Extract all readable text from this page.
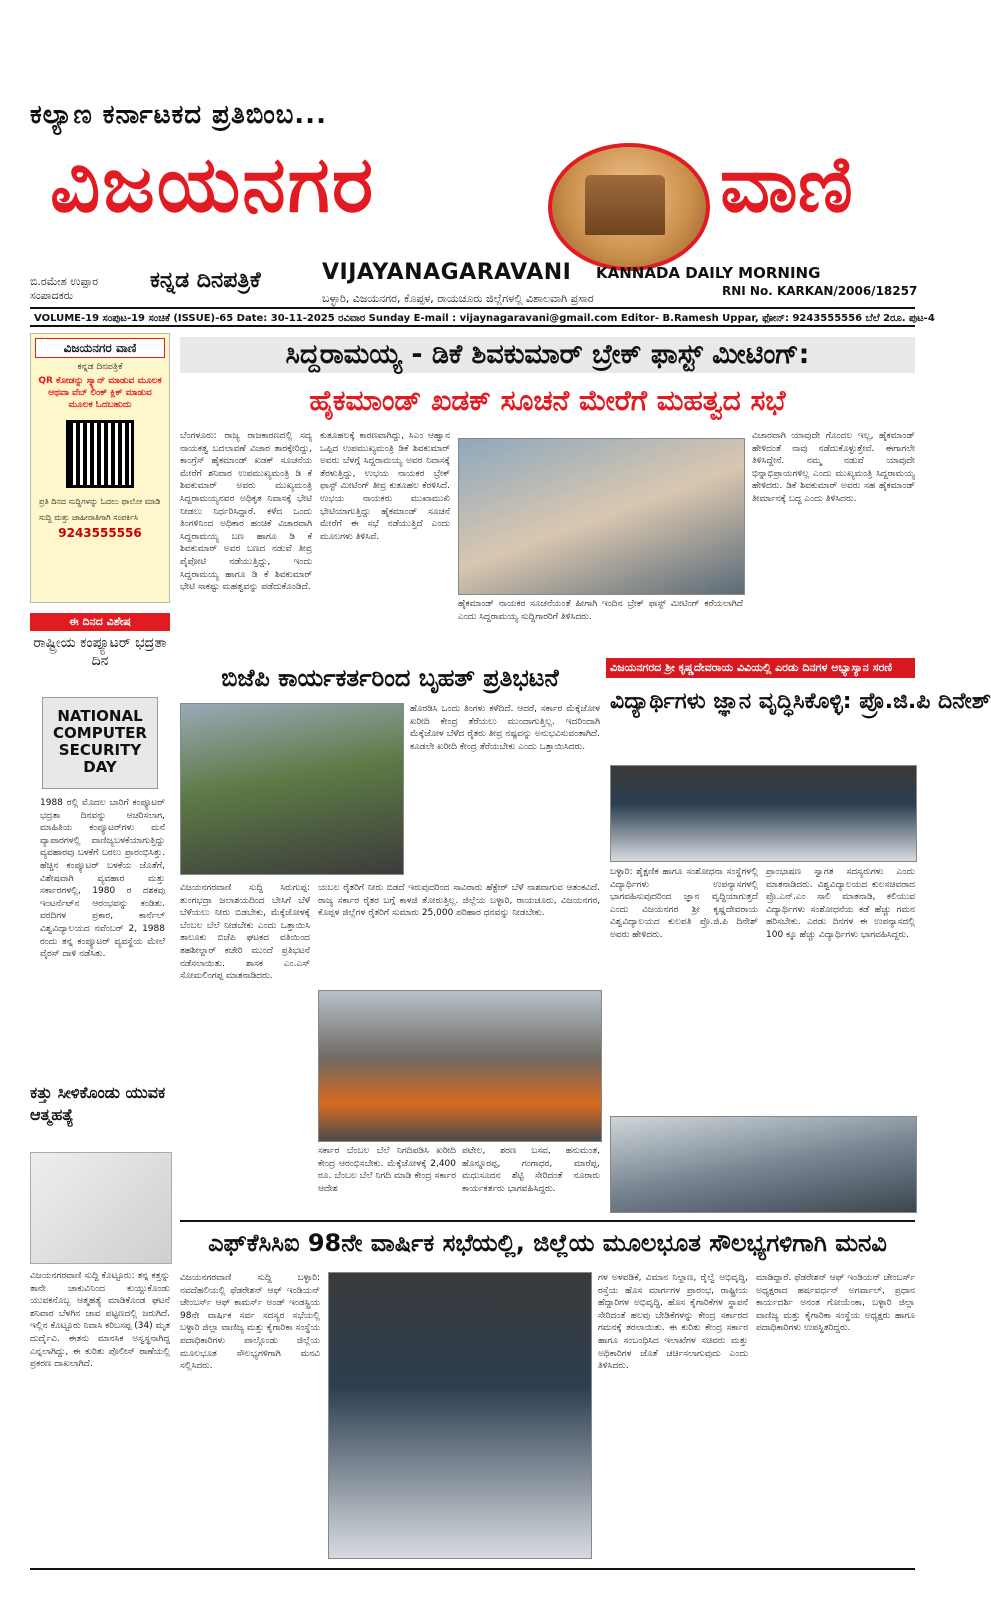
ಕಲ್ಯಾಣ ಕರ್ನಾಟಕದ ಪ್ರತಿಬಿಂಬ...
ವಿಜಯನಗರ	ವಾಣಿ
ಬಿ.ರಮೇಶ ಉಪ್ಪಾರ ಸಂಪಾದಕರು
ಕನ್ನಡ ದಿನಪತ್ರಿಕೆ	VIJAYANAGARAVANI KANNADA DAILY MORNING
RNI No. KARKAN/2006/18257
ಬಳ್ಳಾರಿ, ವಿಜಯನಗರ, ಕೊಪ್ಪಳ, ರಾಯಚೂರು ಜಿಲ್ಲೆಗಳಲ್ಲಿ ವಿಶಾಲವಾಗಿ ಪ್ರಸಾರ
VOLUME-19 ಸಂಪುಟ-19 ಸಂಚಿಕೆ (ISSUE)-65 Date: 30-11-2025 ರವಿವಾರ Sunday E-mail : vijaynagaravani@gmail.com Editor- B.Ramesh Uppar, ಫೋನ್: 9243555556 ಬೆಲೆ 2ರೂ. ಪುಟ-4
ವಿಜಯನಗರ ವಾಣಿ
ಕನ್ನಡ ದಿನಪತ್ರಿಕೆ
QR ಕೋಡನ್ನು ಸ್ಕ್ಯಾನ್ ಮಾಡುವ ಮೂಲಕ ಅಥವಾ ವೆಬ್ ಲಿಂಕ್ ಕ್ಲಿಕ್ ಮಾಡುವ ಮೂಲಕ ಓದಬಹುದು
ಪ್ರತಿ ದಿನದ ಸುದ್ದಿಗಳನ್ನು ಓದಲು ಫಾಲೋ ಮಾಡಿ
ಸುದ್ದಿ ಮತ್ತು ಜಾಹೀರಾತಿಗಾಗಿ ಸಂಪರ್ಕಿಸಿ
9243555556
ಈ ದಿನದ ವಿಶೇಷ
ರಾಷ್ಟ್ರೀಯ ಕಂಪ್ಯೂಟರ್ ಭದ್ರತಾ ದಿನ
NATIONAL COMPUTER SECURITY DAY
1988 ರಲ್ಲಿ ಮೊದಲ ಬಾರಿಗೆ ಕಂಪ್ಯೂಟರ್ ಭದ್ರತಾ ದಿನವನ್ನು ಆಚರಿಸಲಾಗ, ಮಾಹಿತಿಯ ಕಂಪ್ಯೂಟರ್‌ಗಳು ಮನೆ ವ್ಯಾಪಾರಗಳಲ್ಲಿ ವಾಣಿಜ್ಯಬಳಕೆಯಾಗುತ್ತಿದ್ದು ವ್ಯವಹಾರವು ಬಳಕೆಗೆ ಬರಲು ಪ್ರಾರಂಭಿಸಿತ್ತು. ಹೆಚ್ಚಿನ ಕಂಪ್ಯೂಟರ್ ಬಳಕೆಯ ಜೊತೆಗೆ, ವಿಶೇಷವಾಗಿ ವ್ಯವಹಾರ ಮತ್ತು ಸರ್ಕಾರಗಳಲ್ಲಿ, 1980 ರ ದಶಕವು ಇಂಟರ್ನೆಟ್‌ನ ಆರಂಭವನ್ನು ಕಂಡಿತು. ವರದಿಗಳ ಪ್ರಕಾರ, ಕಾರ್ನೆಲ್ ವಿಶ್ವವಿದ್ಯಾಲಯದ ನವೆಂಬರ್ 2, 1988 ರಂದು ತನ್ನ ಕಂಪ್ಯೂಟರ್ ವ್ಯವಸ್ಥೆಯ ಮೇಲೆ ವೈರಸ್ ದಾಳಿ ನಡೆಸಿತು.
ಕತ್ತು ಸೀಳಿಕೊಂಡು ಯುವಕ ಆತ್ಮಹತ್ಯೆ
ವಿಜಯನಗರವಾಣಿ ಸುದ್ದಿ ಕೊಟ್ಟೂರು: ತನ್ನ ಕತ್ತನ್ನು ತಾನೇ ಚಾಕುವಿನಿಂದ ಕುಯ್ದುಕೊಂಡು ಯುವಕನೊಬ್ಬ ಆತ್ಮಹತ್ಯೆ ಮಾಡಿಕೊಂಡ ಘಟನೆ ಶನಿವಾರ ಬೆಳಗಿನ ಜಾವ ಪಟ್ಟಣದಲ್ಲಿ ಜರುಗಿದೆ. ಇಲ್ಲಿನ ಕೊಟ್ಟೂರು ನಿವಾಸಿ ಕರಿಬಸಪ್ಪ (34) ಮೃತ ದುರ್ದೈವಿ. ಈತನು ಮಾನಸಿಕ ಅಸ್ವಸ್ಥನಾಗಿದ್ದ ಎನ್ನಲಾಗಿದ್ದು, ಈ ಕುರಿತು ಪೊಲೀಸ್ ಠಾಣೆಯಲ್ಲಿ ಪ್ರಕರಣ ದಾಖಲಾಗಿದೆ.
ಸಿದ್ದರಾಮಯ್ಯ - ಡಿಕೆ ಶಿವಕುಮಾರ್ ಬ್ರೇಕ್ ಫಾಸ್ಟ್ ಮೀಟಿಂಗ್:
ಹೈಕಮಾಂಡ್ ಖಡಕ್ ಸೂಚನೆ ಮೇರೆಗೆ ಮಹತ್ವದ ಸಭೆ
ಬೆಂಗಳೂರು: ರಾಜ್ಯ ರಾಜಕಾರಣದಲ್ಲಿ ಸದ್ಯ ನಾಯಕತ್ವ ಬದಲಾವಣೆ ವಿಚಾರ ತಾರಕ್ಕೇರಿದ್ದು, ಕಾಂಗ್ರೆಸ್ ಹೈಕಮಾಂಡ್ ಖಡಕ್ ಸೂಚನೆಯ ಮೇರೆಗೆ ಶನಿವಾರ ಉಪಮುಖ್ಯಮಂತ್ರಿ ಡಿ ಕೆ ಶಿವಕುಮಾರ್ ಅವರು ಮುಖ್ಯಮಂತ್ರಿ ಸಿದ್ದರಾಮಯ್ಯನವರ ಅಧಿಕೃತ ನಿವಾಸಕ್ಕೆ ಭೇಟಿ ನೀಡಲು ನಿರ್ಧರಿಸಿದ್ದಾರೆ. ಕಳೆದ ಒಂದು ತಿಂಗಳಿನಿಂದ ಅಧಿಕಾರ ಹಂಚಿಕೆ ವಿಚಾರವಾಗಿ ಸಿದ್ದರಾಮಯ್ಯ ಬಣ ಹಾಗೂ ಡಿ ಕೆ ಶಿವಕುಮಾರ್ ಅವರ ಬಣದ ನಡುವೆ ತೀವ್ರ ಪೈಪೋಟಿ ನಡೆಯುತ್ತಿದ್ದು, ಇಂದು ಸಿದ್ದರಾಮಯ್ಯ ಹಾಗೂ ಡಿ ಕೆ ಶಿವಕುಮಾರ್ ಭೇಟಿ ಸಾಕಷ್ಟು ಮಹತ್ವವನ್ನು ಪಡೆದುಕೊಂಡಿದೆ.
ಕುತೂಹಲಕ್ಕೆ ಕಾರಣವಾಗಿದ್ದು, ಸಿಎಂ ಆಹ್ವಾನ ಒಪ್ಪಿದ ಉಪಮುಖ್ಯಮಂತ್ರಿ ಡಿಕೆ ಶಿವಕುಮಾರ್ ಅವರು ಬೆಳಗ್ಗೆ ಸಿದ್ದರಾಮಯ್ಯ ಅವರ ನಿವಾಸಕ್ಕೆ ತೆರಳುತ್ತಿದ್ದು, ಉಭಯ ನಾಯಕರ ಬ್ರೇಕ್ ಫಾಸ್ಟ್ ಮೀಟಿಂಗ್ ತೀವ್ರ ಕುತೂಹಲ ಕೆರಳಿಸಿದೆ. ಉಭಯ ನಾಯಕರು ಮುಖಾಮುಖಿ ಭೇಟಿಯಾಗುತ್ತಿದ್ದು ಹೈಕಮಾಂಡ್ ಸೂಚನೆ ಮೇರೆಗೆ ಈ ಸಭೆ ನಡೆಯುತ್ತಿದೆ ಎಂದು ಮೂಲಗಳು ತಿಳಿಸಿವೆ.
ಹೈಕಮಾಂಡ್ ನಾಯಕರ ಸೂಚನೆಯಂತೆ ಹೀಗಾಗಿ ಇಂದಿನ ಬ್ರೇಕ್ ಫಾಸ್ಟ್ ಮೀಟಿಂಗ್ ಕರೆಯಲಾಗಿದೆ ಎಂದು ಸಿದ್ದರಾಮಯ್ಯ ಸುದ್ದಿಗಾರರಿಗೆ ತಿಳಿಸಿದರು.
ವಿಚಾರವಾಗಿ ಯಾವುದೇ ಗೊಂದಲ ಇಲ್ಲ, ಹೈಕಮಾಂಡ್ ಹೇಳಿದಂತೆ ನಾವು ನಡೆದುಕೊಳ್ಳುತ್ತೇವೆ. ಈಗಾಗಲೇ ತಿಳಿಸಿದ್ದೇನೆ. ನಮ್ಮ ನಡುವೆ ಯಾವುದೇ ಭಿನ್ನಾಭಿಪ್ರಾಯಗಳಿಲ್ಲ ಎಂದು ಮುಖ್ಯಮಂತ್ರಿ ಸಿದ್ದರಾಮಯ್ಯ ಹೇಳಿದರು. ಡಿಕೆ ಶಿವಕುಮಾರ್ ಅವರು ಸಹ ಹೈಕಮಾಂಡ್ ತೀರ್ಮಾನಕ್ಕೆ ಬದ್ಧ ಎಂದು ತಿಳಿಸಿದರು.
ಬಿಜೆಪಿ ಕಾರ್ಯಕರ್ತರಿಂದ ಬೃಹತ್ ಪ್ರತಿಭಟನೆ
ಹೊರಡಿಸಿ ಒಂದು ತಿಂಗಳು ಕಳೆದಿದೆ. ಆದರೆ, ಸರ್ಕಾರ ಮೆಕ್ಕೆಜೋಳ ಖರೀದಿ ಕೇಂದ್ರ ತೆರೆಯಲು ಮುಂದಾಗುತ್ತಿಲ್ಲ. ಇದರಿಂದಾಗಿ ಮೆಕ್ಕೆಜೋಳ ಬೆಳೆದ ರೈತರು ತೀವ್ರ ನಷ್ಟವನ್ನು ಅನುಭವಿಸುವಂತಾಗಿದೆ. ಕೂಡಲೇ ಖರೀದಿ ಕೇಂದ್ರ ತೆರೆಯಬೇಕು ಎಂದು ಒತ್ತಾಯಿಸಿದರು.
ವಿಜಯನಗರವಾಣಿ ಸುದ್ದಿ ಸಿರುಗುಪ್ಪ: ತುಂಗಭದ್ರಾ ಜಲಾಶಯದಿಂದ ಬೇಸಿಗೆ ಬೆಳೆ ಬೆಳೆಯಲು ನೀರು ಬಿಡಬೇಕು, ಮೆಕ್ಕೆಜೋಳಕ್ಕೆ ಬೆಂಬಲ ಬೆಲೆ ನೀಡಬೇಕು ಎಂದು ಒತ್ತಾಯಿಸಿ ತಾಲೂಕು ಬಿಜೆಪಿ ಘಟಕದ ವತಿಯಿಂದ ತಹಶೀಲ್ದಾರ್ ಕಚೇರಿ ಮುಂದೆ ಪ್ರತಿಭಟನೆ ನಡೆಸಲಾಯಿತು. ಶಾಸಕ ಎಂ.ಎಸ್ ಸೋಮಲಿಂಗಪ್ಪ ಮಾತನಾಡಿದರು.
ಯಬಲ ರೈತರಿಗೆ ನೀರು ಬಿಡದೆ ಇರುವುದರಿಂದ ಸಾವಿರಾರು ಹೆಕ್ಟೇರ್ ಬೆಳೆ ನಾಶವಾಗುವ ಆತಂಕವಿದೆ. ರಾಜ್ಯ ಸರ್ಕಾರ ರೈತರ ಬಗ್ಗೆ ಕಾಳಜಿ ತೋರುತ್ತಿಲ್ಲ. ಜಿಲ್ಲೆಯ ಬಳ್ಳಾರಿ, ರಾಯಚೂರು, ವಿಜಯನಗರ, ಕೊಪ್ಪಳ ಜಿಲ್ಲೆಗಳ ರೈತರಿಗೆ ಸುಮಾರು 25,000 ಪರಿಹಾರ ಧನವನ್ನು ನೀಡಬೇಕು.
ಸರ್ಕಾರ ಬೆಂಬಲ ಬೆಲೆ ನಿಗದಿಪಡಿಸಿ ಖರೀದಿ ಕೇಂದ್ರ ಆರಂಭಿಸಬೇಕು. ಮೆಕ್ಕೆಜೋಳಕ್ಕೆ 2,400 ರೂ. ಬೆಂಬಲ ಬೆಲೆ ನಿಗದಿ ಮಾಡಿ ಕೇಂದ್ರ ಸರ್ಕಾರ ಆದೇಶ
ಪಟೇಲ, ಶರಣ ಬಸವ, ಹನುಮಂತ, ಹೊನ್ನೂರಪ್ಪ, ಗಂಗಾಧರ, ಮಾರೆಪ್ಪ, ಮಧುಸೂದನ ಶೆಟ್ಟಿ ಸೇರಿದಂತೆ ನೂರಾರು ಕಾರ್ಯಕರ್ತರು ಭಾಗವಹಿಸಿದ್ದರು.
ವಿಜಯನಗರದ ಶ್ರೀ ಕೃಷ್ಣದೇವರಾಯ ವಿವಿಯಲ್ಲಿ ಎರಡು ದಿನಗಳ ಅಭ್ಯಾಸ್ಯಾನ ಸರಣಿ
ವಿದ್ಯಾರ್ಥಿಗಳು ಜ್ಞಾನ ವೃದ್ಧಿಸಿಕೊಳ್ಳಿ: ಪ್ರೊ.ಜಿ.ಪಿ ದಿನೇಶ್
ಬಳ್ಳಾರಿ: ಶೈಕ್ಷಣಿಕ ಹಾಗೂ ಸಂಶೋಧನಾ ಸಂಸ್ಥೆಗಳಲ್ಲಿ ವಿದ್ಯಾರ್ಥಿಗಳು ಉಪನ್ಯಾಸಗಳಲ್ಲಿ ಭಾಗವಹಿಸುವುದರಿಂದ ಜ್ಞಾನ ವೃದ್ಧಿಯಾಗುತ್ತದೆ ಎಂದು ವಿಜಯನಗರ ಶ್ರೀ ಕೃಷ್ಣದೇವರಾಯ ವಿಶ್ವವಿದ್ಯಾಲಯದ ಕುಲಪತಿ ಪ್ರೊ.ಜಿ.ಪಿ ದಿನೇಶ್ ಅವರು ಹೇಳಿದರು.
ಪ್ರಾಂಭಾಷಣ ಸ್ವಾಗತ ಸದಸ್ಯರುಗಳು ಎಂದು ಮಾತನಾಡಿದರು. ವಿಶ್ವವಿದ್ಯಾಲಯದ ಕುಲಸಚಿವರಾದ ಪ್ರೊ.ಎನ್.ಎಂ ಸಾಲಿ ಮಾತನಾಡಿ, ಕಲಿಯುವ ವಿದ್ಯಾರ್ಥಿಗಳು ಸಂಶೋಧನೆಯ ಕಡೆ ಹೆಚ್ಚು ಗಮನ ಹರಿಸಬೇಕು. ಎರಡು ದಿನಗಳ ಈ ಉಪನ್ಯಾಸದಲ್ಲಿ 100 ಕ್ಕೂ ಹೆಚ್ಚು ವಿದ್ಯಾರ್ಥಿಗಳು ಭಾಗವಹಿಸಿದ್ದರು.
ಎಫ್‌ಕೆಸಿಸಿಐ 98ನೇ ವಾರ್ಷಿಕ ಸಭೆಯಲ್ಲಿ, ಜಿಲ್ಲೆಯ ಮೂಲಭೂತ ಸೌಲಭ್ಯಗಳಿಗಾಗಿ ಮನವಿ
ವಿಜಯನಗರವಾಣಿ ಸುದ್ದಿ ಬಳ್ಳಾರಿ: ನವದೆಹಲಿಯಲ್ಲಿ ಫೆಡರೇಶನ್ ಆಫ್ ಇಂಡಿಯನ್ ಚೇಂಬರ್ಸ್ ಆಫ್ ಕಾಮರ್ಸ್ ಅಂಡ್ ಇಂಡಸ್ಟ್ರಿಯ 98ನೇ ವಾರ್ಷಿಕ ಸರ್ವ ಸದಸ್ಯರ ಸಭೆಯಲ್ಲಿ ಬಳ್ಳಾರಿ ಜಿಲ್ಲಾ ವಾಣಿಜ್ಯ ಮತ್ತು ಕೈಗಾರಿಕಾ ಸಂಸ್ಥೆಯ ಪದಾಧಿಕಾರಿಗಳು ಪಾಲ್ಗೊಂಡು ಜಿಲ್ಲೆಯ ಮೂಲಭೂತ ಸೌಲಭ್ಯಗಳಿಗಾಗಿ ಮನವಿ ಸಲ್ಲಿಸಿದರು.
ಗಳ ಅಳವಡಿಕೆ, ವಿಮಾನ ನಿಲ್ದಾಣ, ರೈಲ್ವೆ ಅಭಿವೃದ್ಧಿ, ರಸ್ತೆಯ ಹೊಸ ಮಾರ್ಗಗಳ ಪ್ರಾರಂಭ, ರಾಷ್ಟ್ರೀಯ ಹೆದ್ದಾರಿಗಳ ಅಭಿವೃದ್ಧಿ, ಹೊಸ ಕೈಗಾರಿಕೆಗಳ ಸ್ಥಾಪನೆ ಸೇರಿದಂತೆ ಹಲವು ಬೇಡಿಕೆಗಳನ್ನು ಕೇಂದ್ರ ಸರ್ಕಾರದ ಗಮನಕ್ಕೆ ತರಲಾಯಿತು. ಈ ಕುರಿತು ಕೇಂದ್ರ ಸರ್ಕಾರ ಹಾಗೂ ಸಂಬಂಧಿಸಿದ ಇಲಾಖೆಗಳ ಸಚಿವರು ಮತ್ತು ಅಧಿಕಾರಿಗಳ ಜೊತೆ ಚರ್ಚಿಸಲಾಗುವುದು ಎಂದು ತಿಳಿಸಿದರು.
ಮಾಡಿದ್ದಾರೆ. ಫೆಡರೇಶನ್ ಆಫ್ ಇಂಡಿಯನ್ ಚೇಂಬರ್ಸ್ ಅಧ್ಯಕ್ಷರಾದ ಹರ್ಷವರ್ಧನ್ ಅಗರ್ವಾಲ್, ಪ್ರಧಾನ ಕಾರ್ಯದರ್ಶಿ ಅನಂತ ಗೋಯೆಂಕಾ, ಬಳ್ಳಾರಿ ಜಿಲ್ಲಾ ವಾಣಿಜ್ಯ ಮತ್ತು ಕೈಗಾರಿಕಾ ಸಂಸ್ಥೆಯ ಅಧ್ಯಕ್ಷರು ಹಾಗೂ ಪದಾಧಿಕಾರಿಗಳು ಉಪಸ್ಥಿತರಿದ್ದರು.
